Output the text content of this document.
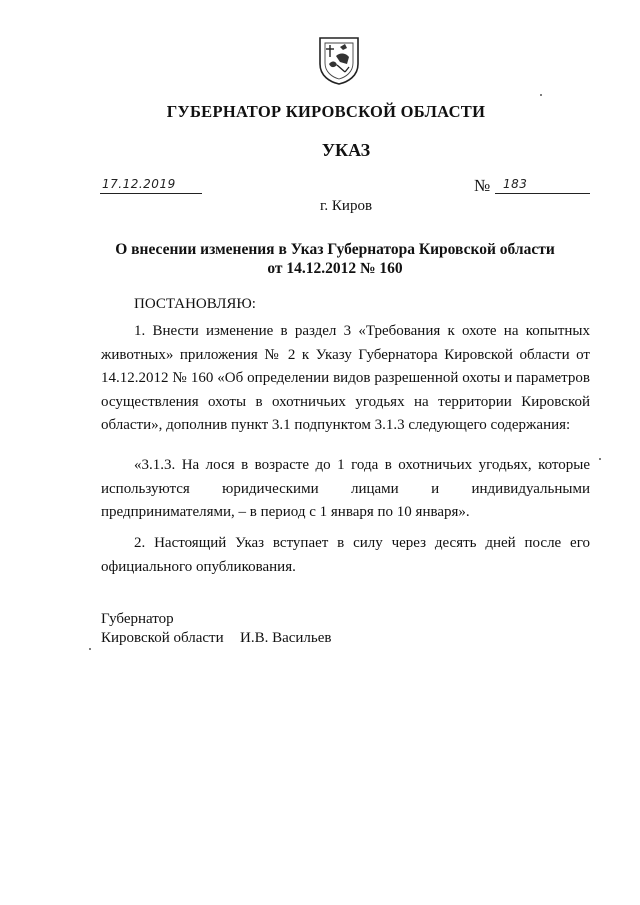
ГУБЕРНАТОР КИРОВСКОЙ ОБЛАСТИ
УКАЗ
17.12.2019	№ 183
г. Киров
О внесении изменения в Указ Губернатора Кировской области
от 14.12.2012 № 160
ПОСТАНОВЛЯЮ:
1. Внести изменение в раздел 3 «Требования к охоте на копытных животных» приложения № 2 к Указу Губернатора Кировской области от 14.12.2012 № 160 «Об определении видов разрешенной охоты и параметров осуществления охоты в охотничьих угодьях на территории Кировской области», дополнив пункт 3.1 подпунктом 3.1.3 следующего содержания:
«3.1.3. На лося в возрасте до 1 года в охотничьих угодьях, которые используются юридическими лицами и индивидуальными предпринимателями, – в период с 1 января по 10 января».
2. Настоящий Указ вступает в силу через десять дней после его официального опубликования.
Губернатор
Кировской области И.В. Васильев
